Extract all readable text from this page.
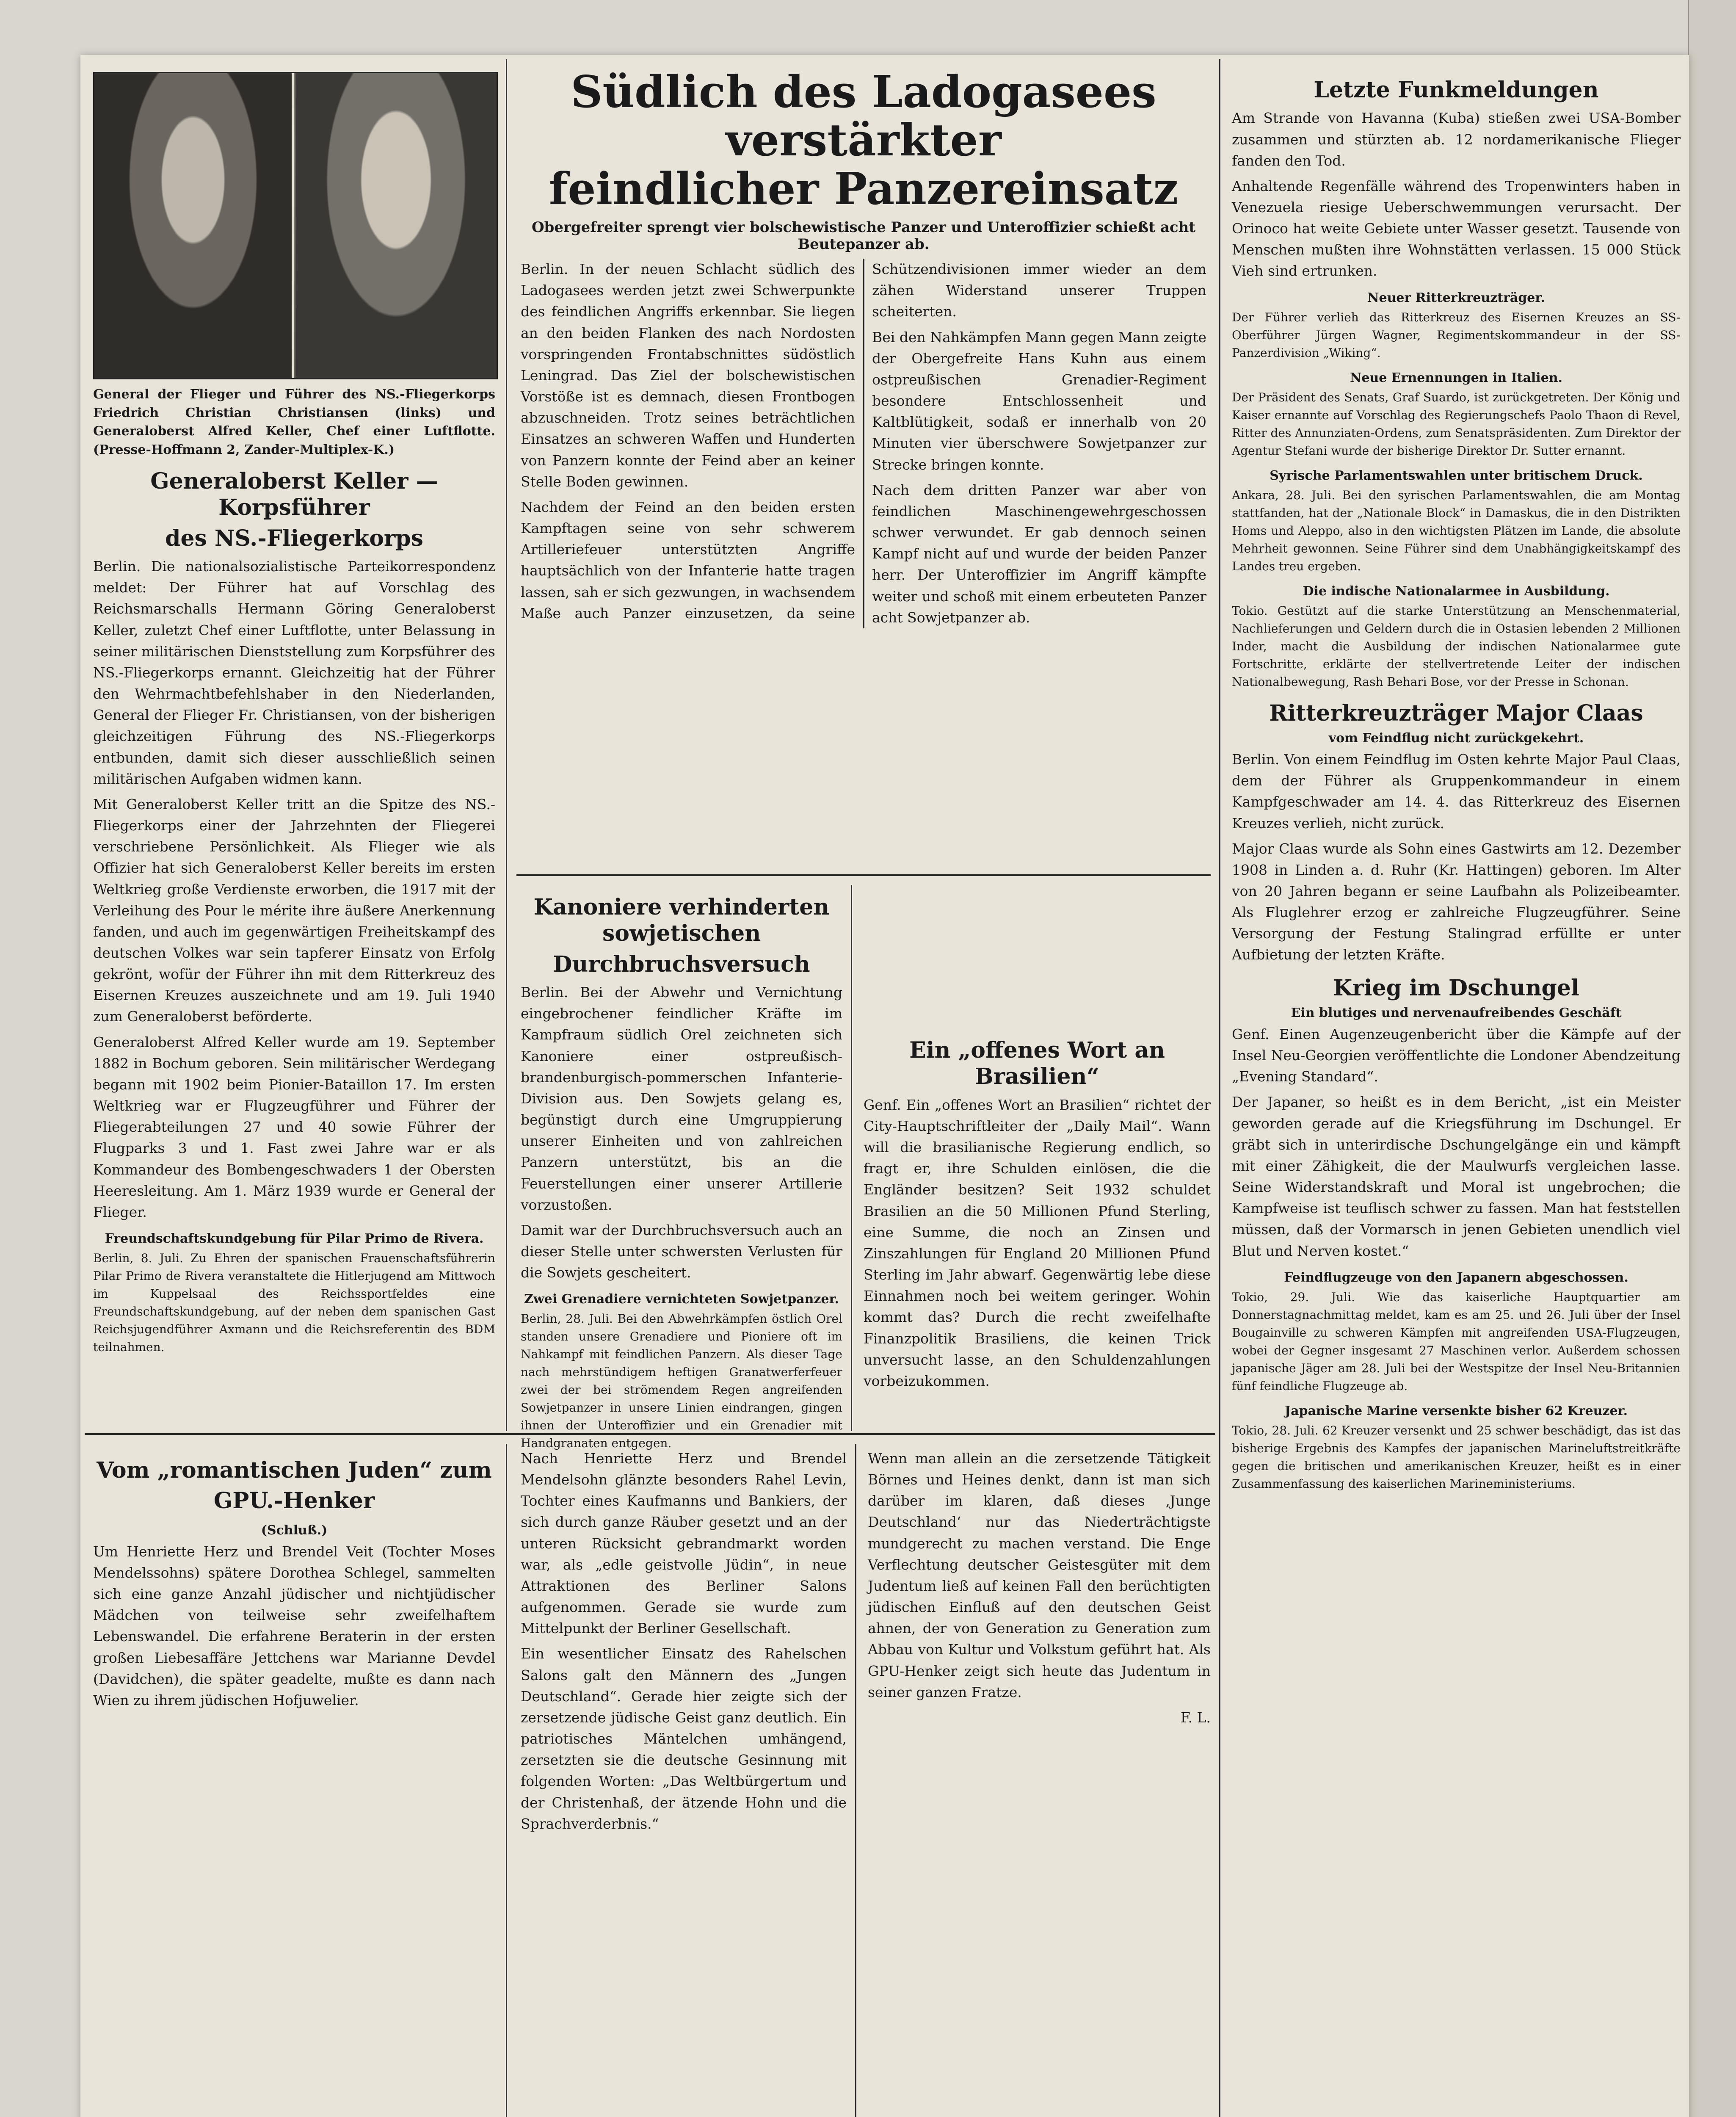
General der Flieger und Führer des NS.-Fliegerkorps Friedrich Christian Christiansen (links) und Generaloberst Alfred Keller, Chef einer Luftflotte. (Presse-Hoffmann 2, Zander-Multiplex-K.)

Generaloberst Keller — Korpsführer
des NS.-Fliegerkorps

Berlin. Die nationalsozialistische Parteikorrespondenz meldet: Der Führer hat auf Vorschlag des Reichsmarschalls Hermann Göring Generaloberst Keller, zuletzt Chef einer Luftflotte, unter Belassung in seiner militärischen Dienststellung zum Korpsführer des NS.-Fliegerkorps ernannt. Gleichzeitig hat der Führer den Wehrmachtbefehlshaber in den Niederlanden, General der Flieger Fr. Christiansen, von der bisherigen gleichzeitigen Führung des NS.-Fliegerkorps entbunden, damit sich dieser ausschließlich seinen militärischen Aufgaben widmen kann.

Mit Generaloberst Keller tritt an die Spitze des NS.-Fliegerkorps einer der Jahrzehnten der Fliegerei verschriebene Persönlichkeit. Als Flieger wie als Offizier hat sich Generaloberst Keller bereits im ersten Weltkrieg große Verdienste erworben, die 1917 mit der Verleihung des Pour le mérite ihre äußere Anerkennung fanden, und auch im gegenwärtigen Freiheitskampf des deutschen Volkes war sein tapferer Einsatz von Erfolg gekrönt, wofür der Führer ihn mit dem Ritterkreuz des Eisernen Kreuzes auszeichnete und am 19. Juli 1940 zum Generaloberst beförderte.

Generaloberst Alfred Keller wurde am 19. September 1882 in Bochum geboren. Sein militärischer Werdegang begann mit 1902 beim Pionier-Bataillon 17. Im ersten Weltkrieg war er Flugzeugführer und Führer der Fliegerabteilungen 27 und 40 sowie Führer der Flugparks 3 und 1. Fast zwei Jahre war er als Kommandeur des Bombengeschwaders 1 der Obersten Heeresleitung. Am 1. März 1939 wurde er General der Flieger.

Freundschaftskundgebung für Pilar Primo de Rivera.

Berlin, 8. Juli. Zu Ehren der spanischen Frauenschaftsführerin Pilar Primo de Rivera veranstaltete die Hitlerjugend am Mittwoch im Kuppelsaal des Reichssportfeldes eine Freundschaftskundgebung, auf der neben dem spanischen Gast Reichsjugendführer Axmann und die Reichsreferentin des BDM teilnahmen.

Südlich des Ladogasees verstärkter
feindlicher Panzereinsatz

Obergefreiter sprengt vier bolschewistische Panzer und Unteroffizier schießt acht Beutepanzer ab.

Berlin. In der neuen Schlacht südlich des Ladogasees werden jetzt zwei Schwerpunkte des feindlichen Angriffs erkennbar. Sie liegen an den beiden Flanken des nach Nordosten vorspringenden Frontabschnittes südöstlich Leningrad. Das Ziel der bolschewistischen Vorstöße ist es demnach, diesen Frontbogen abzuschneiden. Trotz seines beträchtlichen Einsatzes an schweren Waffen und Hunderten von Panzern konnte der Feind aber an keiner Stelle Boden gewinnen.

Nachdem der Feind an den beiden ersten Kampftagen seine von sehr schwerem Artilleriefeuer unterstützten Angriffe hauptsächlich von der Infanterie hatte tragen lassen, sah er sich gezwungen, in wachsendem Maße auch Panzer einzusetzen, da seine Schützendivisionen immer wieder an dem zähen Widerstand unserer Truppen scheiterten.

Bei den Nahkämpfen Mann gegen Mann zeigte der Obergefreite Hans Kuhn aus einem ostpreußischen Grenadier-Regiment besondere Entschlossenheit und Kaltblütigkeit, sodaß er innerhalb von 20 Minuten vier überschwere Sowjetpanzer zur Strecke bringen konnte.

Nach dem dritten Panzer war aber von feindlichen Maschinengewehrgeschossen schwer verwundet. Er gab dennoch seinen Kampf nicht auf und wurde der beiden Panzer herr. Der Unteroffizier im Angriff kämpfte weiter und schoß mit einem erbeuteten Panzer acht Sowjetpanzer ab.

Kanoniere verhinderten sowjetischen
Durchbruchsversuch

Berlin. Bei der Abwehr und Vernichtung eingebrochener feindlicher Kräfte im Kampfraum südlich Orel zeichneten sich Kanoniere einer ostpreußisch-brandenburgisch-pommerschen Infanterie-Division aus. Den Sowjets gelang es, begünstigt durch eine Umgruppierung unserer Einheiten und von zahlreichen Panzern unterstützt, bis an die Feuerstellungen einer unserer Artillerie vorzustoßen.

Damit war der Durchbruchsversuch auch an dieser Stelle unter schwersten Verlusten für die Sowjets gescheitert.

Zwei Grenadiere vernichteten Sowjetpanzer.

Berlin, 28. Juli. Bei den Abwehrkämpfen östlich Orel standen unsere Grenadiere und Pioniere oft im Nahkampf mit feindlichen Panzern. Als dieser Tage nach mehrstündigem heftigen Granatwerferfeuer zwei der bei strömendem Regen angreifenden Sowjetpanzer in unsere Linien eindrangen, gingen ihnen der Unteroffizier und ein Grenadier mit Handgranaten entgegen.

Ein „offenes Wort an Brasilien“

Genf. Ein „offenes Wort an Brasilien“ richtet der City-Hauptschriftleiter der „Daily Mail“. Wann will die brasilianische Regierung endlich, so fragt er, ihre Schulden einlösen, die die Engländer besitzen? Seit 1932 schuldet Brasilien an die 50 Millionen Pfund Sterling, eine Summe, die noch an Zinsen und Zinszahlungen für England 20 Millionen Pfund Sterling im Jahr abwarf. Gegenwärtig lebe diese Einnahmen noch bei weitem geringer. Wohin kommt das? Durch die recht zweifelhafte Finanzpolitik Brasiliens, die keinen Trick unversucht lasse, an den Schuldenzahlungen vorbeizukommen.

Vom „romantischen Juden“ zum
GPU.-Henker
(Schluß.)

Um Henriette Herz und Brendel Veit (Tochter Moses Mendelssohns) spätere Dorothea Schlegel, sammelten sich eine ganze Anzahl jüdischer und nichtjüdischer Mädchen von teilweise sehr zweifelhaftem Lebenswandel. Die erfahrene Beraterin in der ersten großen Liebesaffäre Jettchens war Marianne Devdel (Davidchen), die später geadelte, mußte es dann nach Wien zu ihrem jüdischen Hofjuwelier.

Nach Henriette Herz und Brendel Mendelsohn glänzte besonders Rahel Levin, Tochter eines Kaufmanns und Bankiers, der sich durch ganze Räuber gesetzt und an der unteren Rücksicht gebrandmarkt worden war, als „edle geistvolle Jüdin“, in neue Attraktionen des Berliner Salons aufgenommen. Gerade sie wurde zum Mittelpunkt der Berliner Gesellschaft.

Ein wesentlicher Einsatz des Rahelschen Salons galt den Männern des „Jungen Deutschland“. Gerade hier zeigte sich der zersetzende jüdische Geist ganz deutlich. Ein patriotisches Mäntelchen umhängend, zersetzten sie die deutsche Gesinnung mit folgenden Worten: „Das Weltbürgertum und der Christenhaß, der ätzende Hohn und die Sprachverderbnis.“

Wenn man allein an die zersetzende Tätigkeit Börnes und Heines denkt, dann ist man sich darüber im klaren, daß dieses ‚Junge Deutschland‘ nur das Niederträchtigste mundgerecht zu machen verstand. Die Enge Verflechtung deutscher Geistesgüter mit dem Judentum ließ auf keinen Fall den berüchtigten jüdischen Einfluß auf den deutschen Geist ahnen, der von Generation zu Generation zum Abbau von Kultur und Volkstum geführt hat. Als GPU-Henker zeigt sich heute das Judentum in seiner ganzen Fratze.

F. L.

Letzte Funkmeldungen

Am Strande von Havanna (Kuba) stießen zwei USA-Bomber zusammen und stürzten ab. 12 nordamerikanische Flieger fanden den Tod.

Anhaltende Regenfälle während des Tropenwinters haben in Venezuela riesige Ueberschwemmungen verursacht. Der Orinoco hat weite Gebiete unter Wasser gesetzt. Tausende von Menschen mußten ihre Wohnstätten verlassen. 15 000 Stück Vieh sind ertrunken.

Neuer Ritterkreuzträger.

Der Führer verlieh das Ritterkreuz des Eisernen Kreuzes an SS-Oberführer Jürgen Wagner, Regimentskommandeur in der SS-Panzerdivision „Wiking“.

Neue Ernennungen in Italien.

Der Präsident des Senats, Graf Suardo, ist zurückgetreten. Der König und Kaiser ernannte auf Vorschlag des Regierungschefs Paolo Thaon di Revel, Ritter des Annunziaten-Ordens, zum Senatspräsidenten. Zum Direktor der Agentur Stefani wurde der bisherige Direktor Dr. Sutter ernannt.

Syrische Parlamentswahlen unter britischem Druck.

Ankara, 28. Juli. Bei den syrischen Parlamentswahlen, die am Montag stattfanden, hat der „Nationale Block“ in Damaskus, die in den Distrikten Homs und Aleppo, also in den wichtigsten Plätzen im Lande, die absolute Mehrheit gewonnen. Seine Führer sind dem Unabhängigkeitskampf des Landes treu ergeben.

Die indische Nationalarmee in Ausbildung.

Tokio. Gestützt auf die starke Unterstützung an Menschenmaterial, Nachlieferungen und Geldern durch die in Ostasien lebenden 2 Millionen Inder, macht die Ausbildung der indischen Nationalarmee gute Fortschritte, erklärte der stellvertretende Leiter der indischen Nationalbewegung, Rash Behari Bose, vor der Presse in Schonan.

Ritterkreuzträger Major Claas
vom Feindflug nicht zurückgekehrt.

Berlin. Von einem Feindflug im Osten kehrte Major Paul Claas, dem der Führer als Gruppenkommandeur in einem Kampfgeschwader am 14. 4. das Ritterkreuz des Eisernen Kreuzes verlieh, nicht zurück.

Major Claas wurde als Sohn eines Gastwirts am 12. Dezember 1908 in Linden a. d. Ruhr (Kr. Hattingen) geboren. Im Alter von 20 Jahren begann er seine Laufbahn als Polizeibeamter. Als Fluglehrer erzog er zahlreiche Flugzeugführer. Seine Versorgung der Festung Stalingrad erfüllte er unter Aufbietung der letzten Kräfte.

Krieg im Dschungel
Ein blutiges und nervenaufreibendes Geschäft

Genf. Einen Augenzeugenbericht über die Kämpfe auf der Insel Neu-Georgien veröffentlichte die Londoner Abendzeitung „Evening Standard“.

Der Japaner, so heißt es in dem Bericht, „ist ein Meister geworden gerade auf die Kriegsführung im Dschungel. Er gräbt sich in unterirdische Dschungelgänge ein und kämpft mit einer Zähigkeit, die der Maulwurfs vergleichen lasse. Seine Widerstandskraft und Moral ist ungebrochen; die Kampfweise ist teuflisch schwer zu fassen. Man hat feststellen müssen, daß der Vormarsch in jenen Gebieten unendlich viel Blut und Nerven kostet.“

Feindflugzeuge von den Japanern abgeschossen.

Tokio, 29. Juli. Wie das kaiserliche Hauptquartier am Donnerstagnachmittag meldet, kam es am 25. und 26. Juli über der Insel Bougainville zu schweren Kämpfen mit angreifenden USA-Flugzeugen, wobei der Gegner insgesamt 27 Maschinen verlor. Außerdem schossen japanische Jäger am 28. Juli bei der Westspitze der Insel Neu-Britannien fünf feindliche Flugzeuge ab.

Japanische Marine versenkte bisher 62 Kreuzer.

Tokio, 28. Juli. 62 Kreuzer versenkt und 25 schwer beschädigt, das ist das bisherige Ergebnis des Kampfes der japanischen Marineluftstreitkräfte gegen die britischen und amerikanischen Kreuzer, heißt es in einer Zusammenfassung des kaiserlichen Marineministeriums.
